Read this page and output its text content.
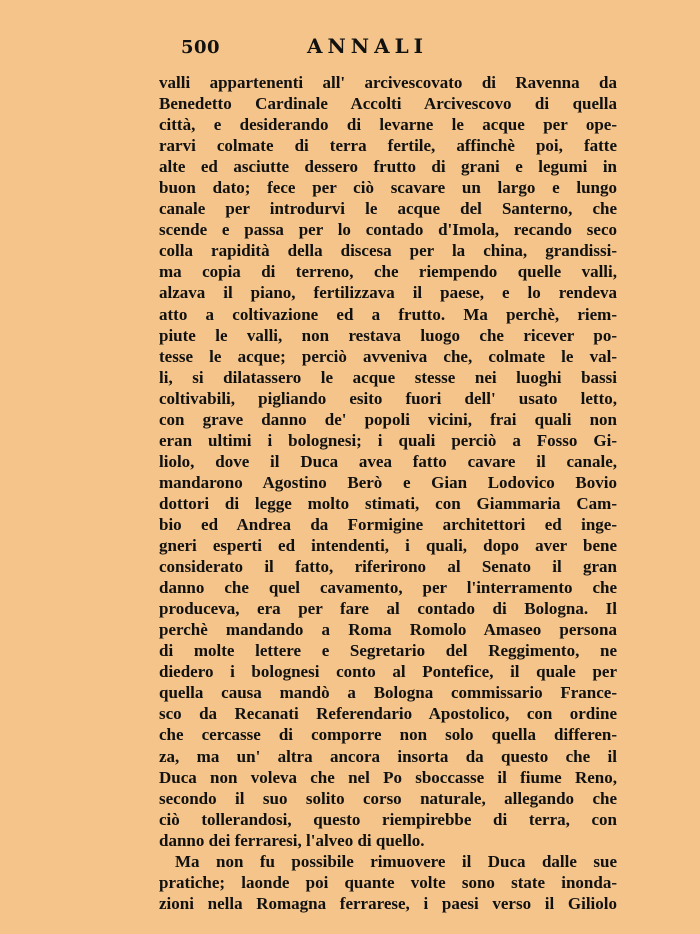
500	ANNALI
valli appartenenti all' arcivescovato di Ravenna da
Benedetto Cardinale Accolti Arcivescovo di quella
città, e desiderando di levarne le acque per ope-
rarvi colmate di terra fertile, affinchè poi, fatte
alte ed asciutte dessero frutto di grani e legumi in
buon dato; fece per ciò scavare un largo e lungo
canale per introdurvi le acque del Santerno, che
scende e passa per lo contado d'Imola, recando seco
colla rapidità della discesa per la china, grandissi-
ma copia di terreno, che riempendo quelle valli,
alzava il piano, fertilizzava il paese, e lo rendeva
atto a coltivazione ed a frutto. Ma perchè, riem-
piute le valli, non restava luogo che ricever po-
tesse le acque; perciò avveniva che, colmate le val-
li, si dilatassero le acque stesse nei luoghi bassi
coltivabili, pigliando esito fuori dell' usato letto,
con grave danno de' popoli vicini, frai quali non
eran ultimi i bolognesi; i quali perciò a Fosso Gi-
liolo, dove il Duca avea fatto cavare il canale,
mandarono Agostino Berò e Gian Lodovico Bovio
dottori di legge molto stimati, con Giammaria Cam-
bio ed Andrea da Formigine architettori ed inge-
gneri esperti ed intendenti, i quali, dopo aver bene
considerato il fatto, riferirono al Senato il gran
danno che quel cavamento, per l'interramento che
produceva, era per fare al contado di Bologna. Il
perchè mandando a Roma Romolo Amaseo persona
di molte lettere e Segretario del Reggimento, ne
diedero i bolognesi conto al Pontefice, il quale per
quella causa mandò a Bologna commissario France-
sco da Recanati Referendario Apostolico, con ordine
che cercasse di comporre non solo quella differen-
za, ma un' altra ancora insorta da questo che il
Duca non voleva che nel Po sboccasse il fiume Reno,
secondo il suo solito corso naturale, allegando che
ciò tollerandosi, questo riempirebbe di terra, con
danno dei ferraresi, l'alveo di quello.
Ma non fu possibile rimuovere il Duca dalle sue
pratiche; laonde poi quante volte sono state inonda-
zioni nella Romagna ferrarese, i paesi verso il Giliolo
